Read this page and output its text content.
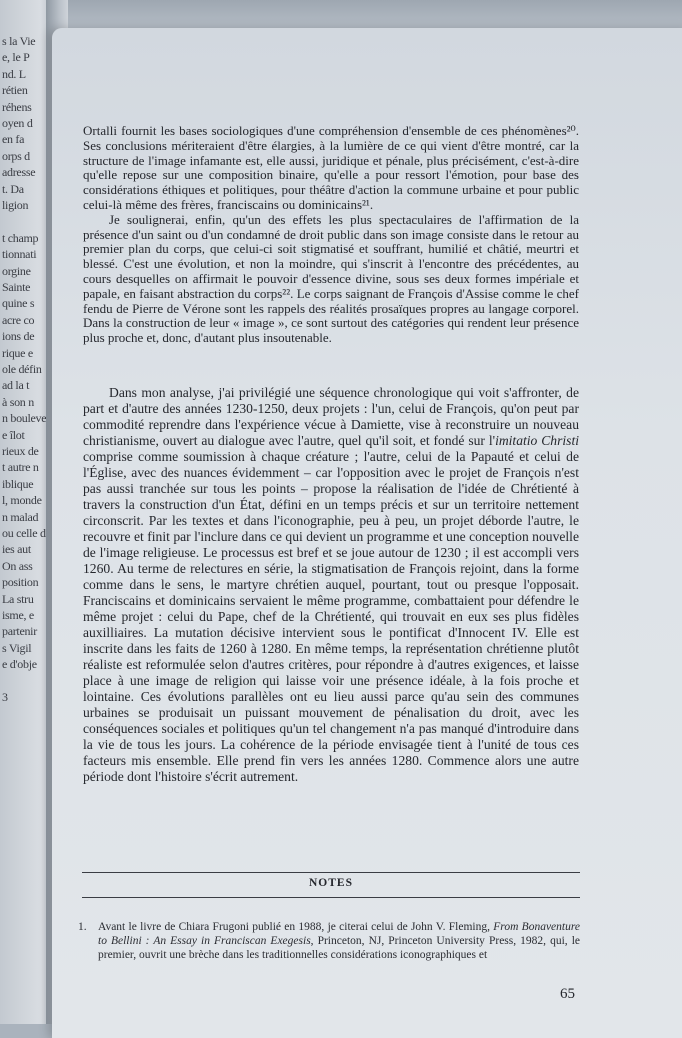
s la Vie
e, le P
nd. L
rétien
réhens
oyen d
en fa
orps d
adresse
t. Da
ligion
t champ
tionnati
orgine
Sainte
quine s
acre co
ions de
rique e
ole défin
ad la t
à son n
n bouleve
e îlot
rieux de
t autre n
iblique
l, monde
n malad
ou celle d
ies aut
On ass
position
La stru
isme, e
partenir
s Vigil
e d'obje
3

Ortalli fournit les bases sociologiques d'une compréhension d'ensemble de ces phénomènes²⁰. Ses conclusions mériteraient d'être élargies, à la lumière de ce qui vient d'être montré, car la structure de l'image infamante est, elle aussi, juridique et pénale, plus précisément, c'est-à-dire qu'elle repose sur une composition binaire, qu'elle a pour ressort l'émotion, pour base des considérations éthiques et politiques, pour théâtre d'action la commune urbaine et pour public celui-là même des frères, franciscains ou dominicains²¹.

Je soulignerai, enfin, qu'un des effets les plus spectaculaires de l'affirmation de la présence d'un saint ou d'un condamné de droit public dans son image consiste dans le retour au premier plan du corps, que celui-ci soit stigmatisé et souffrant, humilié et châtié, meurtri et blessé. C'est une évolution, et non la moindre, qui s'inscrit à l'encontre des précédentes, au cours desquelles on affirmait le pouvoir d'essence divine, sous ses deux formes impériale et papale, en faisant abstraction du corps²². Le corps saignant de François d'Assise comme le chef fendu de Pierre de Vérone sont les rappels des réalités prosaïques propres au langage corporel. Dans la construction de leur « image », ce sont surtout des catégories qui rendent leur présence plus proche et, donc, d'autant plus insoutenable.

Dans mon analyse, j'ai privilégié une séquence chronologique qui voit s'affronter, de part et d'autre des années 1230-1250, deux projets : l'un, celui de François, qu'on peut par commodité reprendre dans l'expérience vécue à Damiette, vise à reconstruire un nouveau christianisme, ouvert au dialogue avec l'autre, quel qu'il soit, et fondé sur l'imitatio Christi comprise comme soumission à chaque créature ; l'autre, celui de la Papauté et celui de l'Église, avec des nuances évidemment – car l'opposition avec le projet de François n'est pas aussi tranchée sur tous les points – propose la réalisation de l'idée de Chrétienté à travers la construction d'un État, défini en un temps précis et sur un territoire nettement circonscrit. Par les textes et dans l'iconographie, peu à peu, un projet déborde l'autre, le recouvre et finit par l'inclure dans ce qui devient un programme et une conception nouvelle de l'image religieuse. Le processus est bref et se joue autour de 1230 ; il est accompli vers 1260. Au terme de relectures en série, la stigmatisation de François rejoint, dans la forme comme dans le sens, le martyre chrétien auquel, pourtant, tout ou presque l'opposait. Franciscains et dominicains servaient le même programme, combattaient pour défendre le même projet : celui du Pape, chef de la Chrétienté, qui trouvait en eux ses plus fidèles auxilliaires. La mutation décisive intervient sous le pontificat d'Innocent IV. Elle est inscrite dans les faits de 1260 à 1280. En même temps, la représentation chrétienne plutôt réaliste est reformulée selon d'autres critères, pour répondre à d'autres exigences, et laisse place à une image de religion qui laisse voir une présence idéale, à la fois proche et lointaine. Ces évolutions parallèles ont eu lieu aussi parce qu'au sein des communes urbaines se produisait un puissant mouvement de pénalisation du droit, avec les conséquences sociales et politiques qu'un tel changement n'a pas manqué d'introduire dans la vie de tous les jours. La cohérence de la période envisagée tient à l'unité de tous ces facteurs mis ensemble. Elle prend fin vers les années 1280. Commence alors une autre période dont l'histoire s'écrit autrement.

NOTES
1. Avant le livre de Chiara Frugoni publié en 1988, je citerai celui de John V. Fleming, From Bonaventure to Bellini : An Essay in Franciscan Exegesis, Princeton, NJ, Princeton University Press, 1982, qui, le premier, ouvrit une brèche dans les traditionnelles considérations iconographiques et
65
